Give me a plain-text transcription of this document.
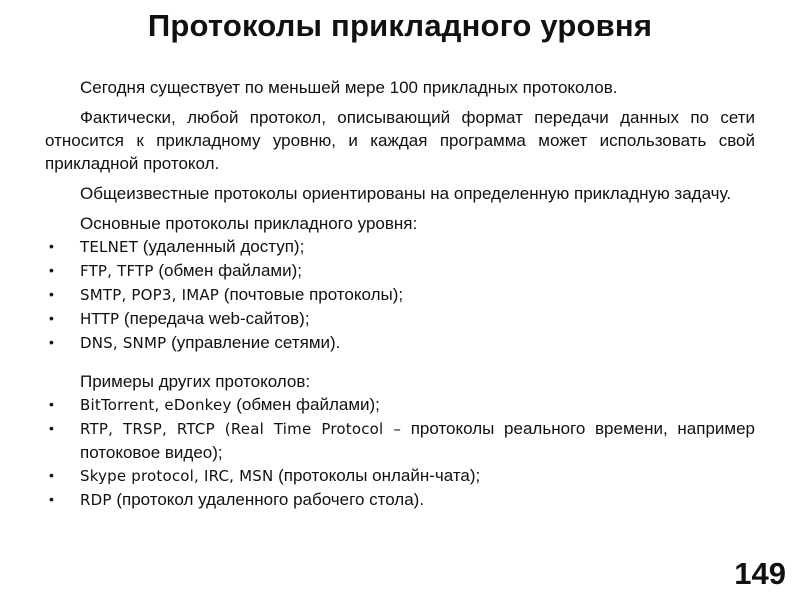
Протоколы прикладного уровня

Сегодня существует по меньшей мере 100 прикладных протоколов.

Фактически, любой протокол, описывающий формат передачи данных по сети относится к прикладному уровню, и каждая программа может использовать свой прикладной протокол.

Общеизвестные протоколы ориентированы на определенную прикладную задачу.

Основные протоколы прикладного уровня:
• TELNET (удаленный доступ);
• FTP, TFTP (обмен файлами);
• SMTP, POP3, IMAP (почтовые протоколы);
• HTTP (передача web-сайтов);
• DNS, SNMP (управление сетями).
Примеры других протоколов:
• BitTorrent, eDonkey (обмен файлами);
• RTP, TRSP, RTCP (Real Time Protocol – протоколы реального времени, например потоковое видео);
• Skype protocol, IRC, MSN (протоколы онлайн-чата);
• RDP (протокол удаленного рабочего стола).
149
